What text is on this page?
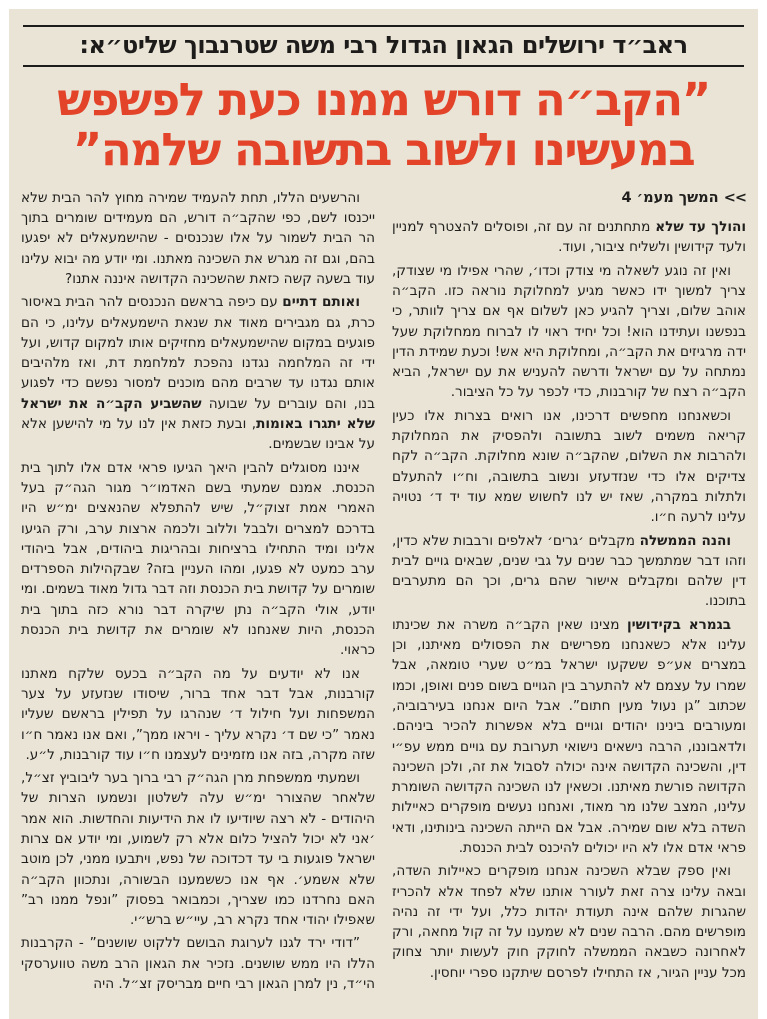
ראב״ד ירושלים הגאון הגדול רבי משה שטרנבוך שליט״א:
”הקב״ה דורש ממנו כעת לפשפש
במעשינו ולשוב בתשובה שלמה”
>> המשך מעמ׳ 4

והולך עד שלא מתחתנים זה עם זה, ופוסלים להצטרף למניין ולעד קידושין ולשליח ציבור, ועוד.

ואין זה נוגע לשאלה מי צודק וכדו׳, שהרי אפילו מי שצודק, צריך למשוך ידו כאשר מגיע למחלוקת נוראה כזו. הקב״ה אוהב שלום, וצריך להגיע כאן לשלום אף אם צריך לוותר, כי בנפשנו ועתידנו הוא! וכל יחיד ראוי לו לברוח ממחלוקת שעל ידה מרגיזים את הקב״ה, ומחלוקת היא אש! וכעת שמידת הדין נמתחה על עם ישראל ודרשה להעניש את עם ישראל, הביא הקב״ה רצח של קורבנות, כדי לכפר על כל הציבור.

וכשאנחנו מחפשים דרכינו, אנו רואים בצרות אלו כעין קריאה משמים לשוב בתשובה ולהפסיק את המחלוקת ולהרבות את השלום, שהקב״ה שונא מחלוקת. הקב״ה לקח צדיקים אלו כדי שנזדעזע ונשוב בתשובה, וח״ו להתעלם ולתלות במקרה, שאז יש לנו לחשוש שמא עוד יד ד׳ נטויה עלינו לרעה ח״ו.

והנה הממשלה מקבלים ׳גרים׳ לאלפים ורבבות שלא כדין, וזהו דבר שמתמשך כבר שנים על גבי שנים, שבאים גויים לבית דין שלהם ומקבלים אישור שהם גרים, וכך הם מתערבים בתוכנו.

בגמרא בקידושין מצינו שאין הקב״ה משרה את שכינתו עלינו אלא כשאנחנו מפרישים את הפסולים מאיתנו, וכן במצרים אע״פ ששקעו ישראל במ״ט שערי טומאה, אבל שמרו על עצמם לא להתערב בין הגויים בשום פנים ואופן, וכמו שכתוב ”גן נעול מעין חתום”. אבל היום אנחנו בעירבוביה, ומעורבים בינינו יהודים וגויים בלא אפשרות להכיר ביניהם. ולדאבוננו, הרבה נישאים נישואי תערובת עם גויים ממש עפ״י דין, והשכינה הקדושה אינה יכולה לסבול את זה, ולכן השכינה הקדושה פורשת מאיתנו. וכשאין לנו השכינה הקדושה השומרת עלינו, המצב שלנו מר מאוד, ואנחנו נעשים מופקרים כאיילות השדה בלא שום שמירה. אבל אם הייתה השכינה בינותינו, ודאי פראי אדם אלו לא היו יכולים להיכנס לבית הכנסת.

ואין ספק שבלא השכינה אנחנו מופקרים כאיילות השדה, ובאה עלינו צרה זאת לעורר אותנו שלא לפחד אלא להכריז שהגרות שלהם אינה תעודת יהדות כלל, ועל ידי זה נהיה מופרשים מהם. הרבה שנים לא שמענו על זה קול מחאה, ורק לאחרונה כשבאה הממשלה לחוקק חוק לעשות יותר צחוק מכל עניין הגיור, אז התחילו לפרסם שיתקנו ספרי יוחסין.

והרשעים הללו, תחת להעמיד שמירה מחוץ להר הבית שלא ייכנסו לשם, כפי שהקב״ה דורש, הם מעמידים שומרים בתוך הר הבית לשמור על אלו שנכנסים - שהישמעאלים לא יפגעו בהם, וגם זה מגרש את השכינה מאתנו. ומי יודע מה יבוא עלינו עוד בשעה קשה כזאת שהשכינה הקדושה איננה אתנו?

ואותם דתיים עם כיפה בראשם הנכנסים להר הבית באיסור כרת, גם מגבירים מאוד את שנאת הישמעאלים עלינו, כי הם פוגעים במקום שהישמעאלים מחזיקים אותו למקום קדוש, ועל ידי זה המלחמה נגדנו נהפכת למלחמת דת, ואז מלהיבים אותם נגדנו עד שרבים מהם מוכנים למסור נפשם כדי לפגוע בנו, והם עוברים על שבועה שהשביע הקב״ה את ישראל שלא יתגרו באומות, ובעת כזאת אין לנו על מי להישען אלא על אבינו שבשמים.

איננו מסוגלים להבין היאך הגיעו פראי אדם אלו לתוך בית הכנסת. אמנם שמעתי בשם האדמו״ר מגור הגה״ק בעל האמרי אמת זצוק״ל, שיש להתפלא שהנאצים ימ״ש היו בדרכם למצרים ולבבל וללוב ולכמה ארצות ערב, ורק הגיעו אלינו ומיד התחילו ברציחות ובהריגות ביהודים, אבל ביהודי ערב כמעט לא פגעו, ומהו העניין בזה? שבקהילות הספרדים שומרים על קדושת בית הכנסת וזה דבר גדול מאוד בשמים. ומי יודע, אולי הקב״ה נתן שיקרה דבר נורא כזה בתוך בית הכנסת, היות שאנחנו לא שומרים את קדושת בית הכנסת כראוי.

אנו לא יודעים על מה הקב״ה בכעס שלקח מאתנו קורבנות, אבל דבר אחד ברור, שיסודו שנזעזע על צער המשפחות ועל חילול ד׳ שנהרגו על תפילין בראשם שעליו נאמר ”כי שם ד׳ נקרא עליך - ויראו ממך”, ואם אנו נאמר ח״ו שזה מקרה, בזה אנו מזמינים לעצמנו ח״ו עוד קורבנות, ל״ע.

ושמעתי ממשפחת מרן הגה״ק רבי ברוך בער ליבוביץ זצ״ל, שלאחר שהצורר ימ״ש עלה לשלטון ונשמעו הצרות של היהודים - לא רצה שיודיעו לו את הידיעות והחדשות. הוא אמר ׳אני לא יכול להציל כלום אלא רק לשמוע, ומי יודע אם צרות ישראל פוגעות בי עד דכדוכה של נפש, ויתבעו ממני, לכן מוטב שלא אשמע׳. אף אנו כששמענו הבשורה, ונתכוון הקב״ה האם נחרדנו כמו שצריך, וכמבואר בפסוק ”ונפל ממנו רב” שאפילו יהודי אחד נקרא רב, עיי״ש ברש״י.

”דודי ירד לגנו לערוגת הבושם ללקוט שושנים” - הקרבנות הללו היו ממש שושנים. נזכיר את הגאון הרב משה טווערסקי הי״ד, נין למרן הגאון רבי חיים מבריסק זצ״ל. היה
